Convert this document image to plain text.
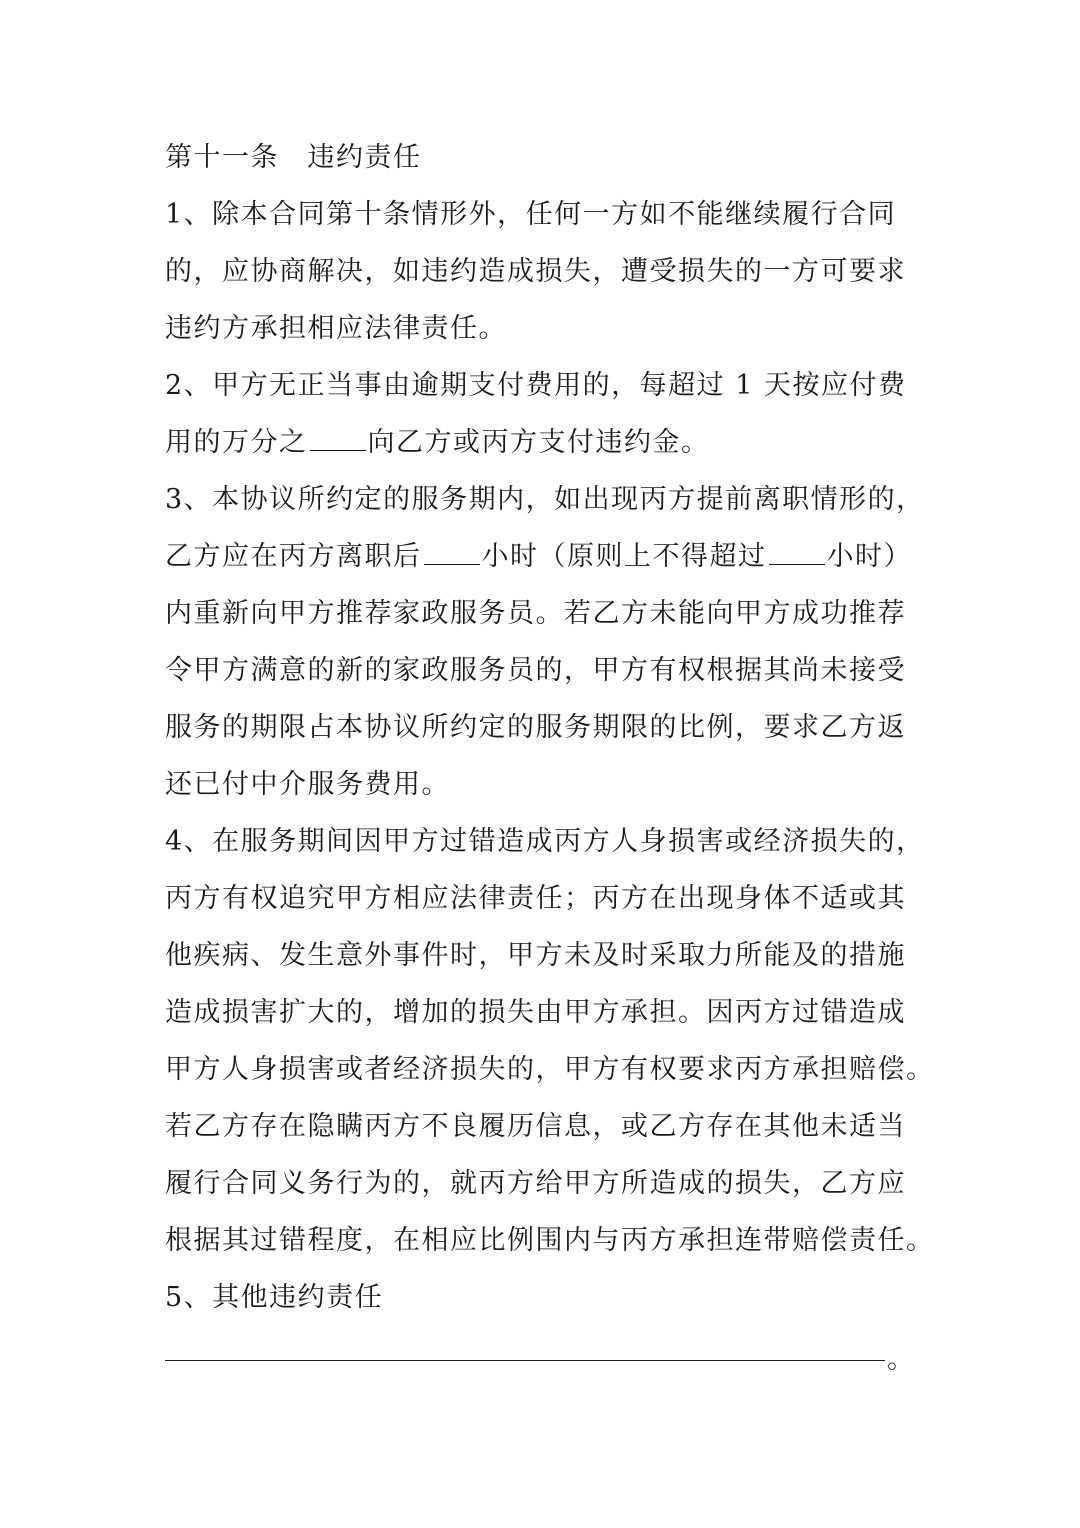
第十一条　违约责任
1、除本合同第十条情形外，任何一方如不能继续履行合同
的，应协商解决，如违约造成损失，遭受损失的一方可要求
违约方承担相应法律责任。
2、甲方无正当事由逾期支付费用的，每超过 1 天按应付费
用的万分之 向乙方或丙方支付违约金。
3、本协议所约定的服务期内，如出现丙方提前离职情形的，
乙方应在丙方离职后 小时（原则上不得超过 小时）
内重新向甲方推荐家政服务员。若乙方未能向甲方成功推荐
令甲方满意的新的家政服务员的，甲方有权根据其尚未接受
服务的期限占本协议所约定的服务期限的比例，要求乙方返
还已付中介服务费用。
4、在服务期间因甲方过错造成丙方人身损害或经济损失的，
丙方有权追究甲方相应法律责任；丙方在出现身体不适或其
他疾病、发生意外事件时，甲方未及时采取力所能及的措施
造成损害扩大的，增加的损失由甲方承担。因丙方过错造成
甲方人身损害或者经济损失的，甲方有权要求丙方承担赔偿。
若乙方存在隐瞒丙方不良履历信息，或乙方存在其他未适当
履行合同义务行为的，就丙方给甲方所造成的损失，乙方应
根据其过错程度，在相应比例围内与丙方承担连带赔偿责任。
5、其他违约责任
。
